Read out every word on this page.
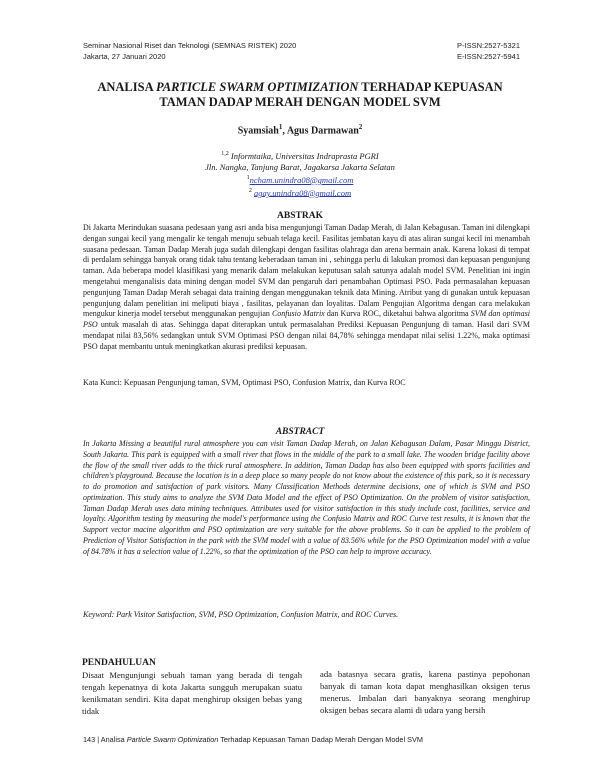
Seminar Nasional Riset dan Teknologi (SEMNAS RISTEK) 2020
Jakarta, 27 Januari 2020
P-ISSN:2527-5321
E-ISSN:2527-5941
ANALISA PARTICLE SWARM OPTIMIZATION TERHADAP KEPUASAN
TAMAN DADAP MERAH DENGAN MODEL SVM
Syamsiah$^1$, Agus Darmawan$^2$
$^{1,2}$ Informtaika, Universitas Indraprasta PGRI
Jln. Nangka, Tanjung Barat, Jagakarsa Jakarta Selatan
$^1$ncham.unindra08@gmail.com
$^2$ agay.unindra08@gmail.com
ABSTRAK

Di Jakarta Merindukan suasana pedesaan yang asri anda bisa mengunjungi Taman Dadap Merah, di Jalan Kebagusan. Taman ini dilengkapi dengan sungai kecil yang mengalir ke tengah menuju sebuah telaga kecil. Fasilitas jembatan kayu di atas aliran sungai kecil ini menambah suasana pedesaan. Taman Dadap Merah juga sudah dilengkapi dengan fasilitas olahraga dan arena bermain anak. Karena lokasi di tempat di perdalam sehingga banyak orang tidak tahu tentang keberadaan taman ini , sehingga perlu di lakukan promosi dan kepuasan pengunjung taman. Ada beberapa model klasifikasi yang menarik dalam melakukan keputusan salah satunya adalah model SVM. Penelitian ini ingin mengetahui menganalisis data mining dengan model SVM dan pengaruh dari penambahan Optimasi PSO. Pada permasalahan kepuasan pengunjung Taman Dadap Merah sebagai data training dengan menggunakan teknik data Mining. Atribut yang di gunakan untuk kepuasan pengunjung dalam penelitian ini meliputi biaya , fasilitas, pelayanan dan loyalitas. Dalam Pengujian Algoritma dengan cara melakukan mengukur kinerja model tersebut menggunakan pengujian Confusio Matrix dan Kurva ROC, diketahui bahwa algoritma SVM dan optimasi PSO untuk masalah di atas. Sehingga dapat diterapkan untuk permasalahan Prediksi Kepuasan Pengunjung di taman. Hasil dari SVM mendapat nilai 83,56% sedangkan untuk SVM Optimasi PSO dengan nilai 84,78% sehingga mendapat nilai selisi 1.22%, maka optimasi PSO dapat membantu untuk meningkatkan akurasi prediksi kepuasan.

Kata Kunci: Kepuasan Pengunjung taman, SVM, Optimasi PSO, Confusion Matrix, dan Kurva ROC

ABSTRACT

In Jakarta Missing a beautiful rural atmosphere you can visit Taman Dadap Merah, on Jalan Kebagusan Dalam, Pasar Minggu District, South Jakarta. This park is equipped with a small river that flows in the middle of the park to a small lake. The wooden bridge facility above the flow of the small river adds to the thick rural atmosphere. In addition, Taman Dadap has also been equipped with sports facilities and children's playground. Because the location is in a deep place so many people do not know about the existence of this park, so it is necessary to do promotion and satisfaction of park visitors. Many Classification Methods determine decisions, one of which is SVM and PSO optimization. This study aims to analyze the SVM Data Model and the effect of PSO Optimization. On the problem of visitor satisfaction, Taman Dadap Merah uses data mining techniques. Attributes used for visitor satisfaction in this study include cost, facilities, service and loyalty. Algorithm testing by measuring the model's performance using the Confusio Matrix and ROC Curve test results, it is known that the Support vector macine algorithm and PSO optimization are very suitable for the above problems. So it can be applied to the problem of Prediction of Visitor Satisfaction in the park with the SVM model with a value of 83.56% while for the PSO Optimization model with a value of 84.78% it has a selection value of 1.22%, so that the optimization of the PSO can help to improve accuracy.

Keyword: Park Visitor Satisfaction, SVM, PSO Optimization, Confusion Matrix, and ROC Curves.

PENDAHULUAN

Disaat Mengunjungi sebuah taman yang berada di tengah tengah kepenatnya di kota Jakarta sungguh merupakan suatu kenikmatan sendiri. Kita dapat menghirup oksigen bebas yang tidak

ada batasnya secara gratis, karena pastinya pepohonan banyak di taman kota dapat menghasilkan oksigen terus menerus. Imbalan dari banyaknya seorang menghirup oksigen bebas secara alami di udara yang bersih

143 | Analisa Particle Swarm Optimization Terhadap Kepuasan Taman Dadap Merah Dengan Model SVM
